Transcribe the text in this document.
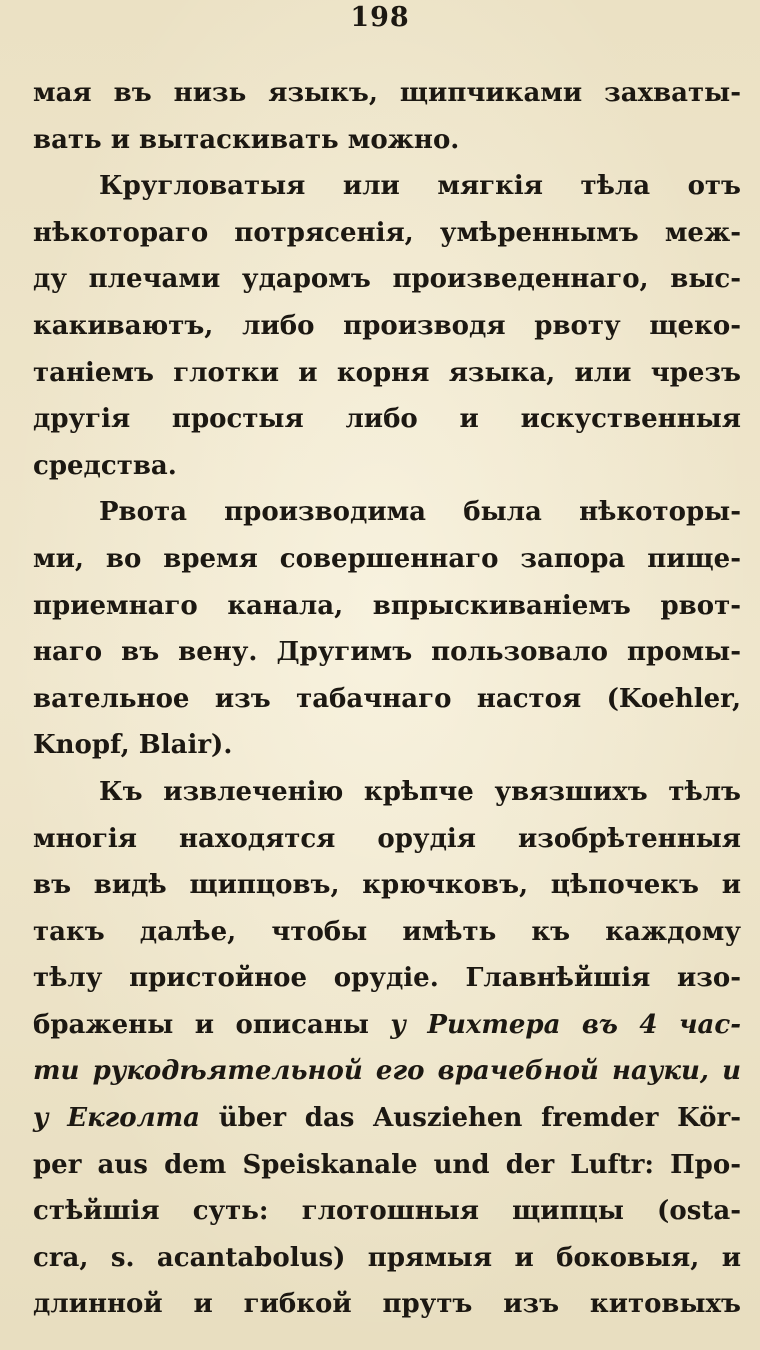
198
мая въ низь языкъ, щипчиками захваты-
вать и вытаскивать можно.
Кругловатыя или мягкія тѣла отъ
нѣкотораго потрясенія, умѣреннымъ меж-
ду плечами ударомъ произведеннаго, выс-
какиваютъ, либо производя рвоту щеко-
танiемъ глотки и корня языка, или чрезъ
другія простыя либо и искуственныя
средства.
Рвота производима была нѣкоторы-
ми, во время совершеннаго запора пище-
приемнаго канала, впрыскиванiемъ рвот-
наго въ вену. Другимъ пользовало промы-
вательное изъ табачнаго настоя (Koehler,
Knopf, Blair).
Къ извлеченію крѣпче увязшихъ тѣлъ
многія находятся орудія изобрѣтенныя
въ видѣ щипцовъ, крючковъ, цѣпочекъ и
такъ далѣе, чтобы имѣть къ каждому
тѣлу пристойное орудіе. Главнѣйшія изо-
бражены и описаны у Рихтера въ 4 час-
ти рукодѣятельной его врачебной науки, и
у Екголта über das Ausziehen fremder Kör-
per aus dem Speiskanale und der Luftr: Про-
стѣйшія суть: глотошныя щипцы (osta-
cra, s. acantabolus) прямыя и боковыя, и
длинной и гибкой прутъ изъ китовыхъ
